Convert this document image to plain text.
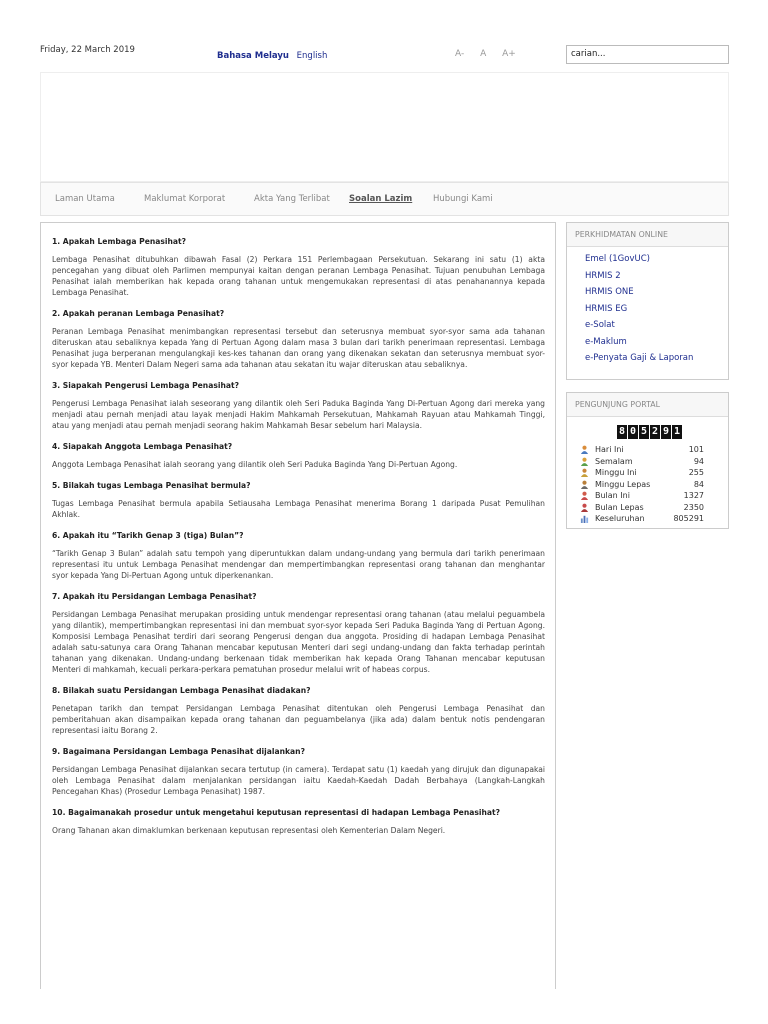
Friday, 22 March 2019
Bahasa Melayu English	A- A A+	carian...
Laman Utama	Maklumat Korporat	Akta Yang Terlibat Soalan Lazim Hubungi Kami
1. Apakah Lembaga Penasihat?
Lembaga Penasihat ditubuhkan dibawah Fasal (2) Perkara 151 Perlembagaan Persekutuan. Sekarang ini satu (1) akta pencegahan yang dibuat oleh Parlimen mempunyai kaitan dengan peranan Lembaga Penasihat. Tujuan penubuhan Lembaga Penasihat ialah memberikan hak kepada orang tahanan untuk mengemukakan representasi di atas penahanannya kepada Lembaga Penasihat.
2. Apakah peranan Lembaga Penasihat?
Peranan Lembaga Penasihat menimbangkan representasi tersebut dan seterusnya membuat syor-syor sama ada tahanan diteruskan atau sebaliknya kepada Yang di Pertuan Agong dalam masa 3 bulan dari tarikh penerimaan representasi. Lembaga Penasihat juga berperanan mengulangkaji kes-kes tahanan dan orang yang dikenakan sekatan dan seterusnya membuat syor-syor kepada YB. Menteri Dalam Negeri sama ada tahanan atau sekatan itu wajar diteruskan atau sebaliknya.
3. Siapakah Pengerusi Lembaga Penasihat?
Pengerusi Lembaga Penasihat ialah seseorang yang dilantik oleh Seri Paduka Baginda Yang Di-Pertuan Agong dari mereka yang menjadi atau pernah menjadi atau layak menjadi Hakim Mahkamah Persekutuan, Mahkamah Rayuan atau Mahkamah Tinggi, atau yang menjadi atau pernah menjadi seorang hakim Mahkamah Besar sebelum hari Malaysia.
4. Siapakah Anggota Lembaga Penasihat?
Anggota Lembaga Penasihat ialah seorang yang dilantik oleh Seri Paduka Baginda Yang Di-Pertuan Agong.
5. Bilakah tugas Lembaga Penasihat bermula?
Tugas Lembaga Penasihat bermula apabila Setiausaha Lembaga Penasihat menerima Borang 1 daripada Pusat Pemulihan Akhlak.
6. Apakah itu “Tarikh Genap 3 (tiga) Bulan”?
“Tarikh Genap 3 Bulan” adalah satu tempoh yang diperuntukkan dalam undang-undang yang bermula dari tarikh penerimaan representasi itu untuk Lembaga Penasihat mendengar dan mempertimbangkan representasi orang tahanan dan menghantar syor kepada Yang Di-Pertuan Agong untuk diperkenankan.
7. Apakah itu Persidangan Lembaga Penasihat?
Persidangan Lembaga Penasihat merupakan prosiding untuk mendengar representasi orang tahanan (atau melalui peguambela yang dilantik), mempertimbangkan representasi ini dan membuat syor-syor kepada Seri Paduka Baginda Yang di Pertuan Agong. Komposisi Lembaga Penasihat terdiri dari seorang Pengerusi dengan dua anggota. Prosiding di hadapan Lembaga Penasihat adalah satu-satunya cara Orang Tahanan mencabar keputusan Menteri dari segi undang-undang dan fakta terhadap perintah tahanan yang dikenakan. Undang-undang berkenaan tidak memberikan hak kepada Orang Tahanan mencabar keputusan Menteri di mahkamah, kecuali perkara-perkara pematuhan prosedur melalui writ of habeas corpus.
8. Bilakah suatu Persidangan Lembaga Penasihat diadakan?
Penetapan tarikh dan tempat Persidangan Lembaga Penasihat ditentukan oleh Pengerusi Lembaga Penasihat dan pemberitahuan akan disampaikan kepada orang tahanan dan peguambelanya (jika ada) dalam bentuk notis pendengaran representasi iaitu Borang 2.
9. Bagaimana Persidangan Lembaga Penasihat dijalankan?
Persidangan Lembaga Penasihat dijalankan secara tertutup (in camera). Terdapat satu (1) kaedah yang dirujuk dan digunapakai oleh Lembaga Penasihat dalam menjalankan persidangan iaitu Kaedah-Kaedah Dadah Berbahaya (Langkah-Langkah Pencegahan Khas) (Prosedur Lembaga Penasihat) 1987.
10. Bagaimanakah prosedur untuk mengetahui keputusan representasi di hadapan Lembaga Penasihat?
Orang Tahanan akan dimaklumkan berkenaan keputusan representasi oleh Kementerian Dalam Negeri.
PERKHIDMATAN ONLINE
Emel (1GovUC)
HRMIS 2
HRMIS ONE
HRMIS EG
e-Solat
e-Maklum
e-Penyata Gaji & Laporan
PENGUNJUNG PORTAL
8 0 5 2 9 1
Hari Ini	101
Semalam	94
Minggu Ini	255
Minggu Lepas	84
Bulan Ini	1327
Bulan Lepas	2350
Keseluruhan	805291
